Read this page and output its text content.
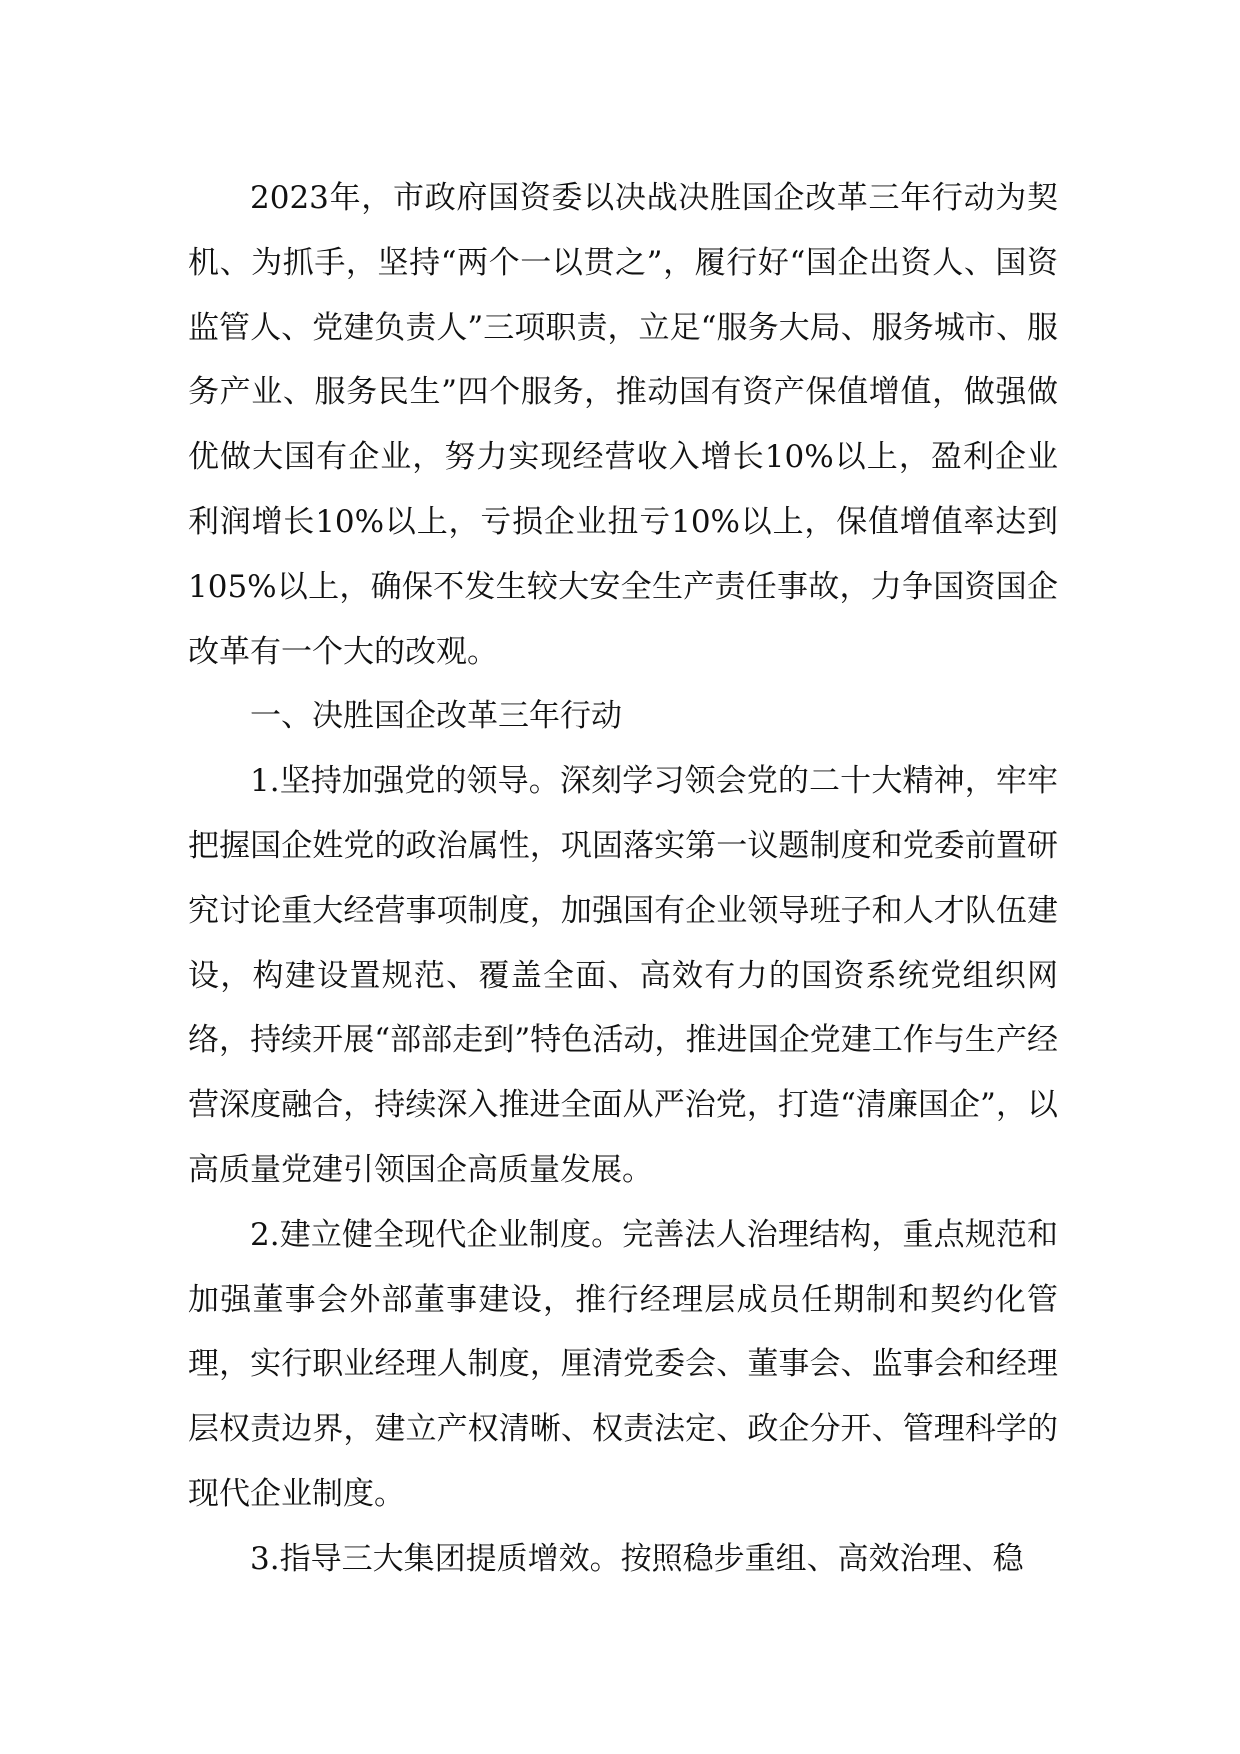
2023年，市政府国资委以决战决胜国企改革三年行动为契机、为抓手，坚持“两个一以贯之”，履行好“国企出资人、国资监管人、党建负责人”三项职责，立足“服务大局、服务城市、服务产业、服务民生”四个服务，推动国有资产保值增值，做强做优做大国有企业，努力实现经营收入增长10%以上，盈利企业利润增长10%以上，亏损企业扭亏10%以上，保值增值率达到105%以上，确保不发生较大安全生产责任事故，力争国资国企改革有一个大的改观。

一、决胜国企改革三年行动

1.坚持加强党的领导。深刻学习领会党的二十大精神，牢牢把握国企姓党的政治属性，巩固落实第一议题制度和党委前置研究讨论重大经营事项制度，加强国有企业领导班子和人才队伍建设，构建设置规范、覆盖全面、高效有力的国资系统党组织网络，持续开展“部部走到”特色活动，推进国企党建工作与生产经营深度融合，持续深入推进全面从严治党，打造“清廉国企”，以高质量党建引领国企高质量发展。

2.建立健全现代企业制度。完善法人治理结构，重点规范和加强董事会外部董事建设，推行经理层成员任期制和契约化管理，实行职业经理人制度，厘清党委会、董事会、监事会和经理层权责边界，建立产权清晰、权责法定、政企分开、管理科学的现代企业制度。

3.指导三大集团提质增效。按照稳步重组、高效治理、稳
